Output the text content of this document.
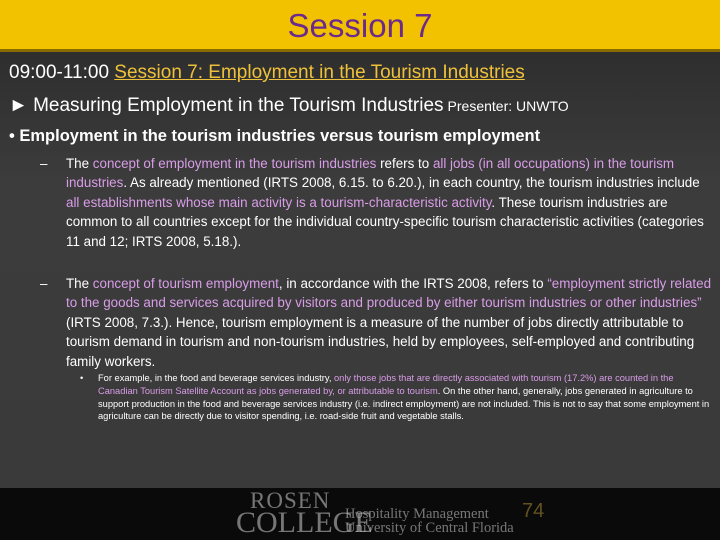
Session 7
09:00-11:00 Session 7: Employment in the Tourism Industries
► Measuring Employment in the Tourism Industries Presenter: UNWTO
• Employment in the tourism industries versus tourism employment
– The concept of employment in the tourism industries refers to all jobs (in all occupations) in the tourism industries. As already mentioned (IRTS 2008, 6.15. to 6.20.), in each country, the tourism industries include all establishments whose main activity is a tourism-characteristic activity. These tourism industries are common to all countries except for the individual country-specific tourism characteristic activities (categories 11 and 12; IRTS 2008, 5.18.).
– The concept of tourism employment, in accordance with the IRTS 2008, refers to “employment strictly related to the goods and services acquired by visitors and produced by either tourism industries or other industries” (IRTS 2008, 7.3.). Hence, tourism employment is a measure of the number of jobs directly attributable to tourism demand in tourism and non-tourism industries, held by employees, self-employed and contributing family workers.
• For example, in the food and beverage services industry, only those jobs that are directly associated with tourism (17.2%) are counted in the Canadian Tourism Satellite Account as jobs generated by, or attributable to tourism. On the other hand, generally, jobs generated in agriculture to support production in the food and beverage services industry (i.e. indirect employment) are not included. This is not to say that some employment in agriculture can be directly due to visitor spending, i.e. road-side fruit and vegetable stalls.
ROSEN
COLLEGE
Hospitality Management
University of Central Florida
74
